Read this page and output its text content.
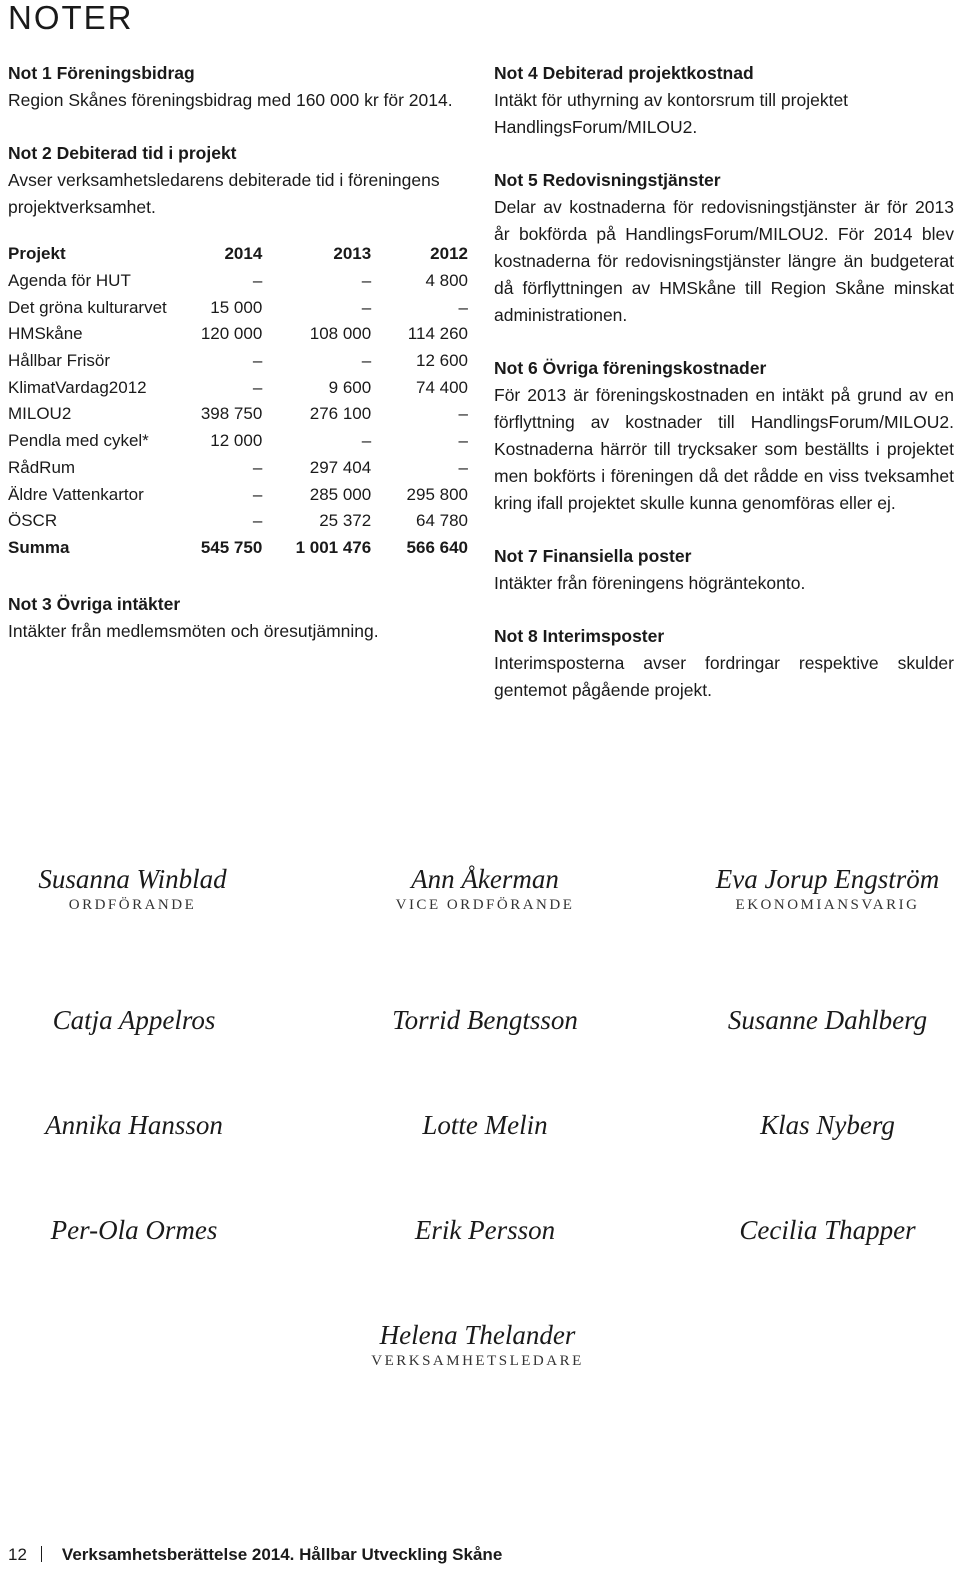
NOTER
Not 1 Föreningsbidrag
Region Skånes föreningsbidrag med 160 000 kr för 2014.
Not 2 Debiterad tid i projekt
Avser verksamhetsledarens debiterade tid i föreningens projektverksamhet.
Projekt	2014	2013	2012
Agenda för HUT	–	–	4 800
Det gröna kulturarvet	15 000	–	–
HMSkåne	120 000	108 000	114 260
Hållbar Frisör	–	–	12 600
KlimatVardag2012	–	9 600	74 400
MILOU2	398 750	276 100	–
Pendla med cykel*	12 000	–	–
RådRum	–	297 404	–
Äldre Vattenkartor	–	285 000	295 800
ÖSCR	–	25 372	64 780
Summa	545 750	1 001 476	566 640
Not 3 Övriga intäkter
Intäkter från medlemsmöten och öresutjämning.
Not 4 Debiterad projektkostnad
Intäkt för uthyrning av kontorsrum till projektet HandlingsForum/MILOU2.
Not 5 Redovisningstjänster
Delar av kostnaderna för redovisningstjänster är för 2013 år bokförda på HandlingsForum/MILOU2. För 2014 blev kostnaderna för redovisningstjänster längre än budgeterat då förflyttningen av HMSkåne till Region Skåne minskat administrationen.
Not 6 Övriga föreningskostnader
För 2013 är föreningskostnaden en intäkt på grund av en förflyttning av kostnader till HandlingsForum/MILOU2. Kostnaderna härrör till trycksaker som beställts i projektet men bokförts i föreningen då det rådde en viss tveksamhet kring ifall projektet skulle kunna genomföras eller ej.
Not 7 Finansiella poster
Intäkter från föreningens högräntekonto.
Not 8 Interimsposter
Interimsposterna avser fordringar respektive skulder gentemot pågående projekt.
Susanna Winblad
ORDFÖRANDE
Ann Åkerman
VICE ORDFÖRANDE
Eva Jorup Engström
EKONOMIANSVARIG
Catja Appelros	Torrid Bengtsson	Susanne Dahlberg
Annika Hansson	Lotte Melin	Klas Nyberg
Per-Ola Ormes	Erik Persson	Cecilia Thapper
Helena Thelander
VERKSAMHETSLEDARE
12 Verksamhetsberättelse 2014. Hållbar Utveckling Skåne
